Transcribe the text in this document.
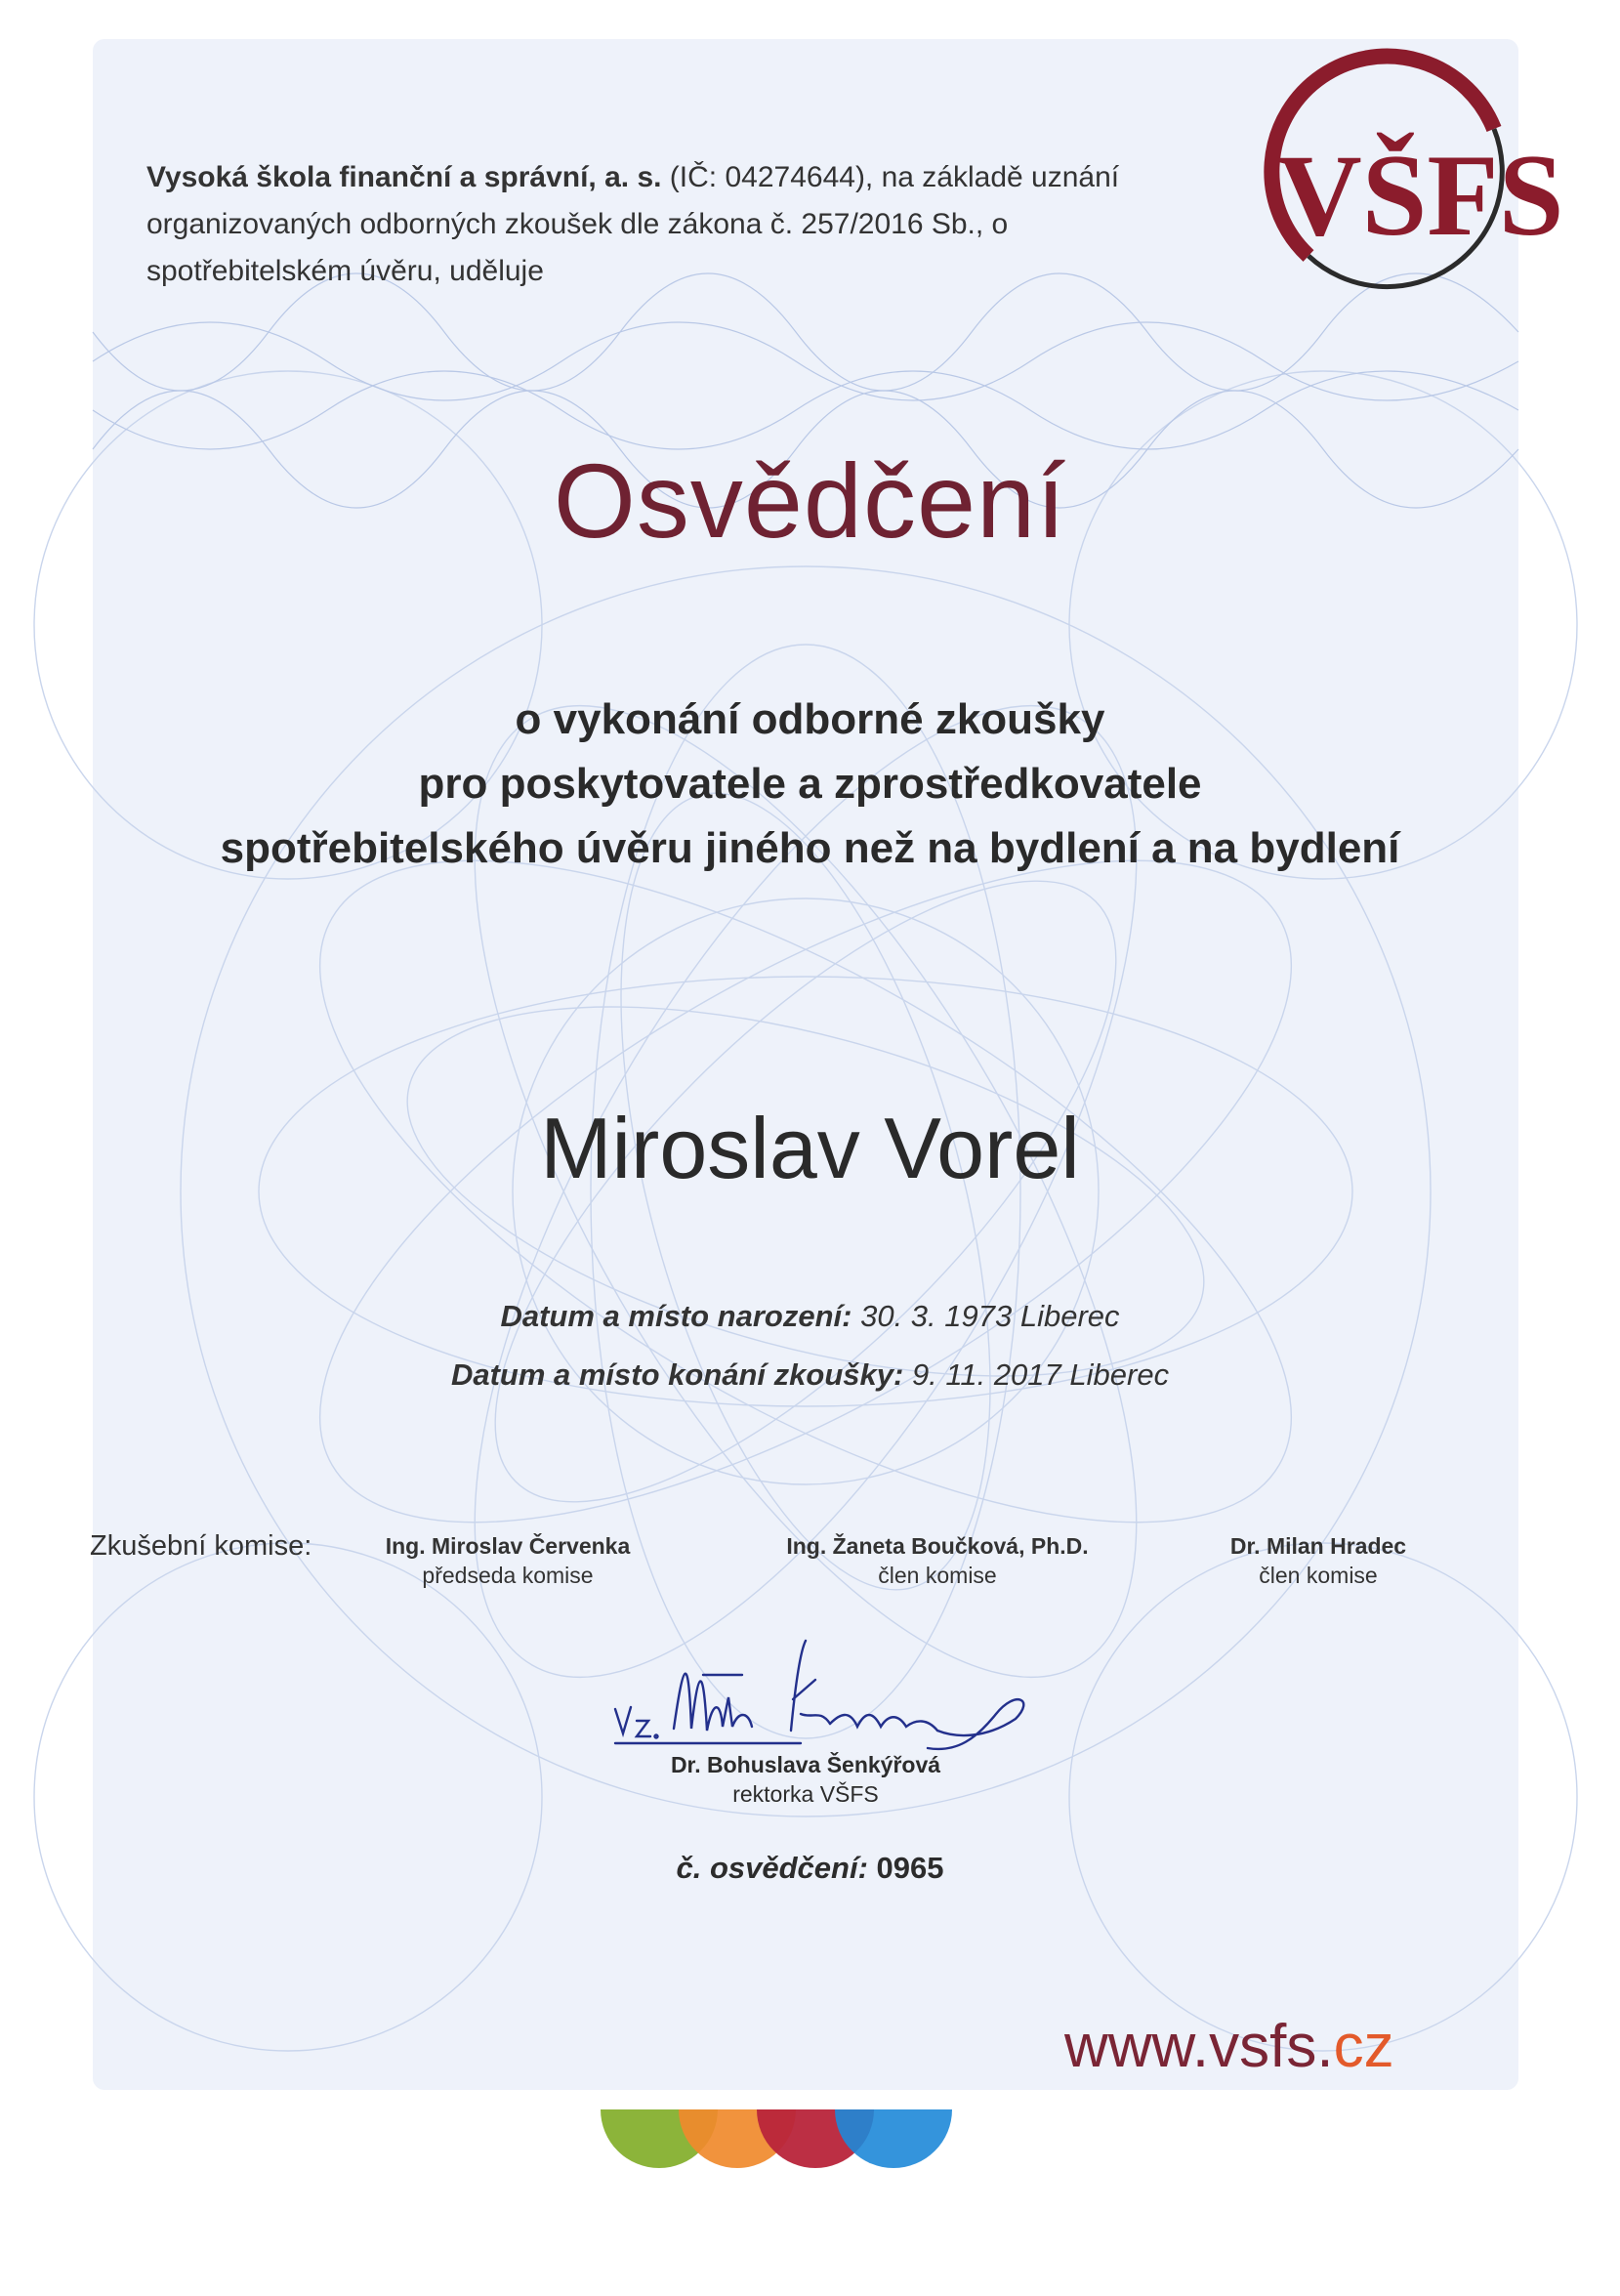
Vysoká škola finanční a správní, a. s. (IČ: 04274644), na základě uznání organizovaných odborných zkoušek dle zákona č. 257/2016 Sb., o spotřebitelském úvěru, uděluje
VŠFS
Osvědčení
o vykonání odborné zkoušky
pro poskytovatele a zprostředkovatele
spotřebitelského úvěru jiného než na bydlení a na bydlení
Miroslav Vorel
Datum a místo narození: 30. 3. 1973 Liberec
Datum a místo konání zkoušky: 9. 11. 2017 Liberec
Zkušební komise:	Ing. Miroslav Červenka
předseda komise
Ing. Žaneta Boučková, Ph.D.
člen komise
Dr. Milan Hradec
člen komise
Dr. Bohuslava Šenkýřová
rektorka VŠFS
č. osvědčení: 0965
www.vsfs.cz
